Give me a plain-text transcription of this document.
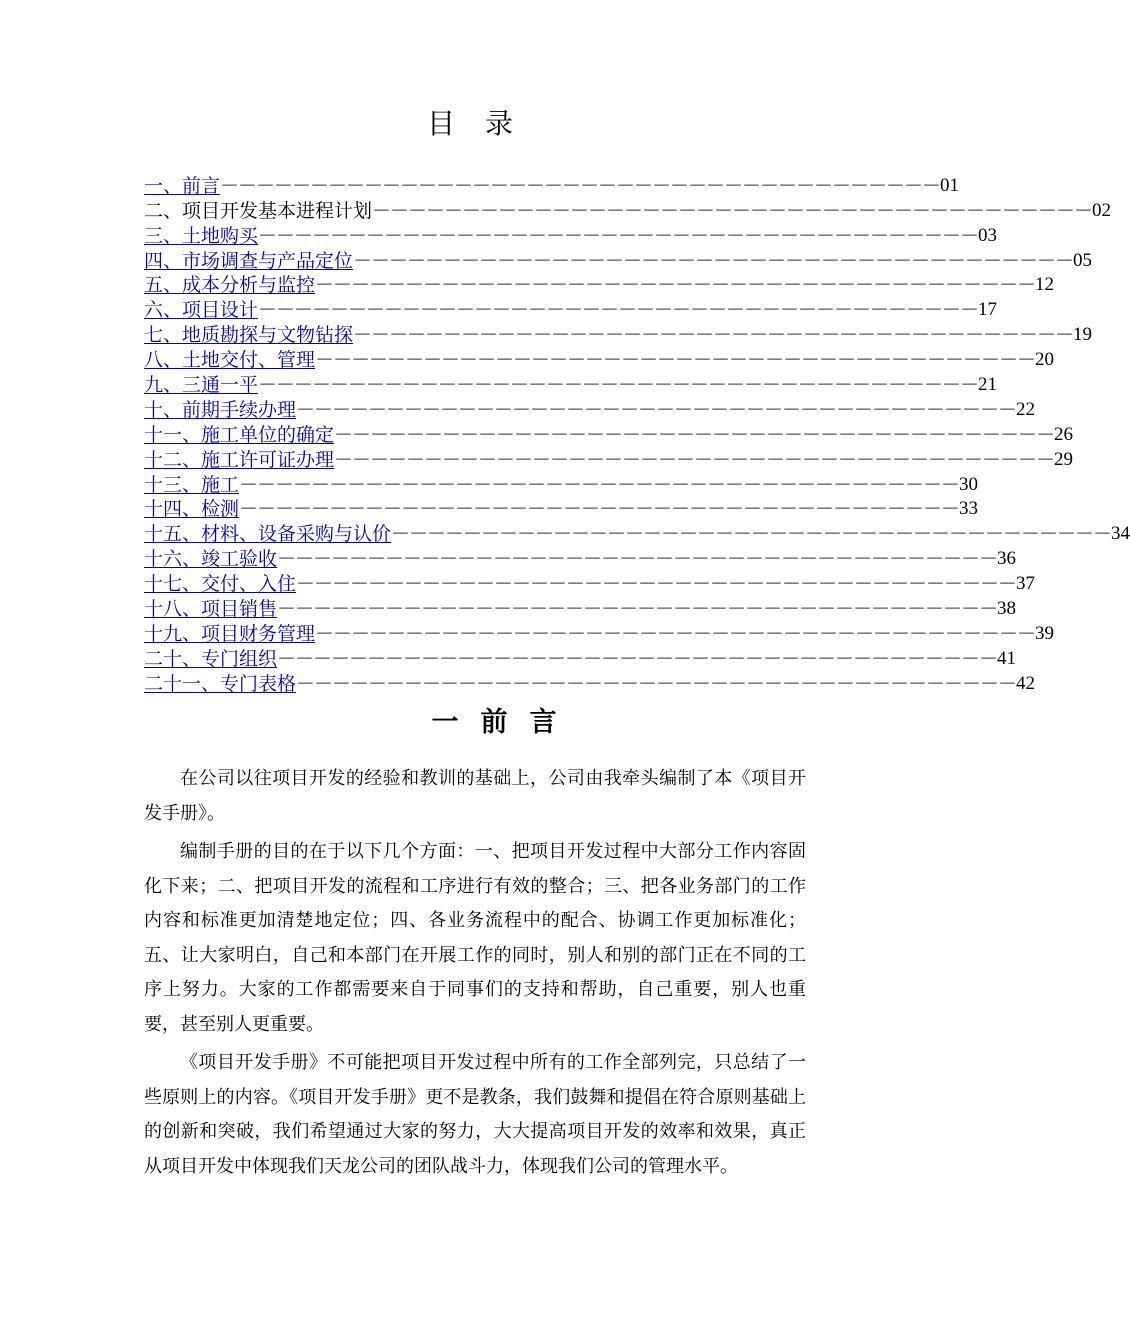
目录
一、前言 －－－－－－－－－－－－－－－－－－－－－－－－－－－－－－－－－－－－－－－－ 01
二、项目开发基本进程计划 －－－－－－－－－－－－－－－－－－－－－－－－－－－－－－－－－－－－－－－－ 02
三、土地购买 －－－－－－－－－－－－－－－－－－－－－－－－－－－－－－－－－－－－－－－－ 03
四、市场调查与产品定位 －－－－－－－－－－－－－－－－－－－－－－－－－－－－－－－－－－－－－－－－ 05
五、成本分析与监控 －－－－－－－－－－－－－－－－－－－－－－－－－－－－－－－－－－－－－－－－ 12
六、项目设计 －－－－－－－－－－－－－－－－－－－－－－－－－－－－－－－－－－－－－－－－ 17
七、地质勘探与文物钻探 －－－－－－－－－－－－－－－－－－－－－－－－－－－－－－－－－－－－－－－－ 19
八、土地交付、管理 －－－－－－－－－－－－－－－－－－－－－－－－－－－－－－－－－－－－－－－－ 20
九、三通一平 －－－－－－－－－－－－－－－－－－－－－－－－－－－－－－－－－－－－－－－－ 21
十、前期手续办理 －－－－－－－－－－－－－－－－－－－－－－－－－－－－－－－－－－－－－－－－ 22
十一、施工单位的确定 －－－－－－－－－－－－－－－－－－－－－－－－－－－－－－－－－－－－－－－－ 26
十二、施工许可证办理 －－－－－－－－－－－－－－－－－－－－－－－－－－－－－－－－－－－－－－－－ 29
十三、施工 －－－－－－－－－－－－－－－－－－－－－－－－－－－－－－－－－－－－－－－－ 30
十四、检测 －－－－－－－－－－－－－－－－－－－－－－－－－－－－－－－－－－－－－－－－ 33
十五、材料、设备采购与认价 －－－－－－－－－－－－－－－－－－－－－－－－－－－－－－－－－－－－－－－－ 34
十六、竣工验收 －－－－－－－－－－－－－－－－－－－－－－－－－－－－－－－－－－－－－－－－ 36
十七、交付、入住 －－－－－－－－－－－－－－－－－－－－－－－－－－－－－－－－－－－－－－－－ 37
十八、项目销售 －－－－－－－－－－－－－－－－－－－－－－－－－－－－－－－－－－－－－－－－ 38
十九、项目财务管理 －－－－－－－－－－－－－－－－－－－－－－－－－－－－－－－－－－－－－－－－ 39
二十、专门组织 －－－－－－－－－－－－－－－－－－－－－－－－－－－－－－－－－－－－－－－－ 41
二十一、专门表格 －－－－－－－－－－－－－－－－－－－－－－－－－－－－－－－－－－－－－－－－ 42
一前言

在公司以往项目开发的经验和教训的基础上，公司由我牵头编制了本《项目开发手册》。

编制手册的目的在于以下几个方面：一、把项目开发过程中大部分工作内容固化下来；二、把项目开发的流程和工序进行有效的整合；三、把各业务部门的工作内容和标准更加清楚地定位；四、各业务流程中的配合、协调工作更加标准化；五、让大家明白，自己和本部门在开展工作的同时，别人和别的部门正在不同的工序上努力。大家的工作都需要来自于同事们的支持和帮助，自己重要，别人也重要，甚至别人更重要。

《项目开发手册》不可能把项目开发过程中所有的工作全部列完，只总结了一些原则上的内容。《项目开发手册》更不是教条，我们鼓舞和提倡在符合原则基础上的创新和突破，我们希望通过大家的努力，大大提高项目开发的效率和效果，真正从项目开发中体现我们天龙公司的团队战斗力，体现我们公司的管理水平。
